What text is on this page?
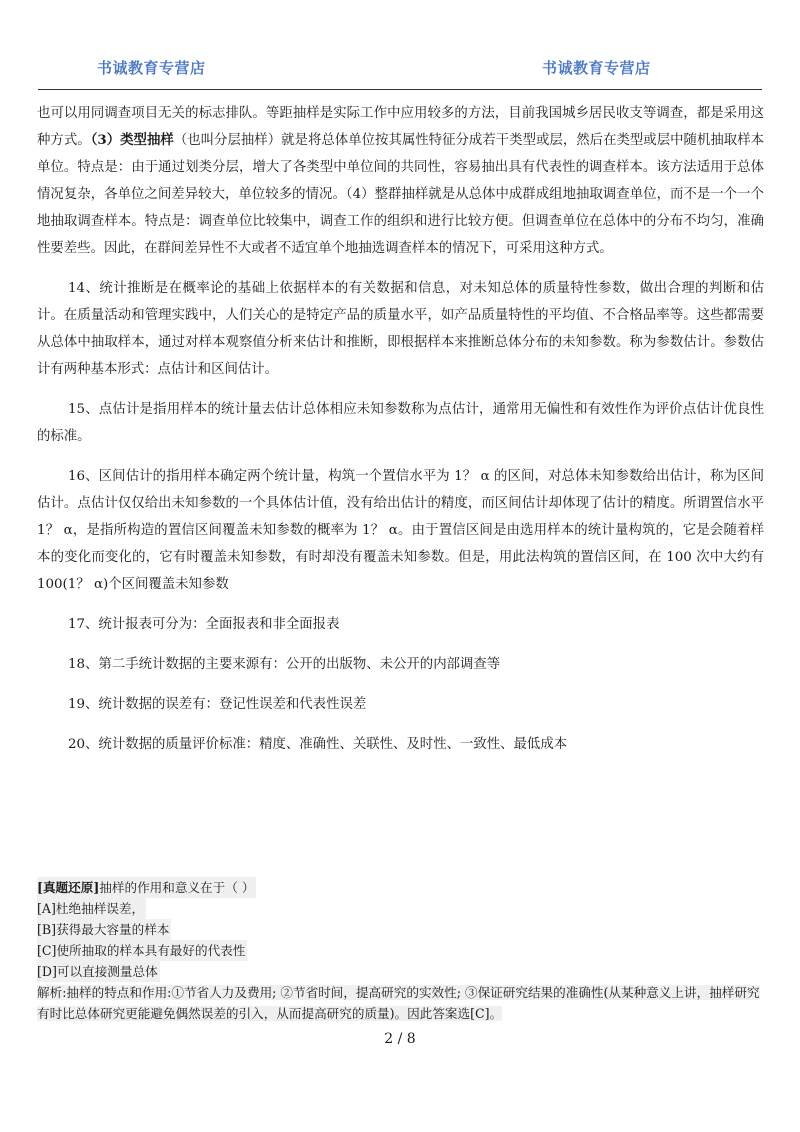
书诚教育专营店	书诚教育专营店

也可以用同调查项目无关的标志排队。等距抽样是实际工作中应用较多的方法，目前我国城乡居民收支等调查，都是采用这种方式。（3）类型抽样（也叫分层抽样）就是将总体单位按其属性特征分成若干类型或层，然后在类型或层中随机抽取样本单位。特点是：由于通过划类分层，增大了各类型中单位间的共同性，容易抽出具有代表性的调查样本。该方法适用于总体情况复杂，各单位之间差异较大，单位较多的情况。（4）整群抽样就是从总体中成群成组地抽取调查单位，而不是一个一个地抽取调查样本。特点是：调查单位比较集中，调查工作的组织和进行比较方便。但调查单位在总体中的分布不均匀，准确性要差些。因此，在群间差异性不大或者不适宜单个地抽选调查样本的情况下，可采用这种方式。

14、统计推断是在概率论的基础上依据样本的有关数据和信息，对未知总体的质量特性参数，做出合理的判断和估计。在质量活动和管理实践中，人们关心的是特定产品的质量水平，如产品质量特性的平均值、不合格品率等。这些都需要从总体中抽取样本，通过对样本观察值分析来估计和推断，即根据样本来推断总体分布的未知参数。称为参数估计。参数估计有两种基本形式：点估计和区间估计。

15、点估计是指用样本的统计量去估计总体相应未知参数称为点估计，通常用无偏性和有效性作为评价点估计优良性的标准。

16、区间估计的指用样本确定两个统计量，构筑一个置信水平为 1？ α 的区间，对总体未知参数给出估计，称为区间估计。点估计仅仅给出未知参数的一个具体估计值，没有给出估计的精度，而区间估计却体现了估计的精度。所谓置信水平 1？ α，是指所构造的置信区间覆盖未知参数的概率为 1？ α。由于置信区间是由选用样本的统计量构筑的，它是会随着样本的变化而变化的，它有时覆盖未知参数，有时却没有覆盖未知参数。但是，用此法构筑的置信区间，在 100 次中大约有 100(1？ α)个区间覆盖未知参数

17、统计报表可分为：全面报表和非全面报表

18、第二手统计数据的主要来源有：公开的出版物、未公开的内部调查等

19、统计数据的误差有：登记性误差和代表性误差

20、统计数据的质量评价标准：精度、准确性、关联性、及时性、一致性、最低成本

[真题还原]抽样的作用和意义在于（ ）
[A]杜绝抽样误差，
[B]获得最大容量的样本
[C]使所抽取的样本具有最好的代表性
[D]可以直接测量总体
解析:抽样的特点和作用:①节省人力及费用; ②节省时间，提高研究的实效性; ③保证研究结果的准确性(从某种意义上讲，抽样研究有时比总体研究更能避免偶然误差的引入，从而提高研究的质量)。因此答案选[C]。
2 / 8
